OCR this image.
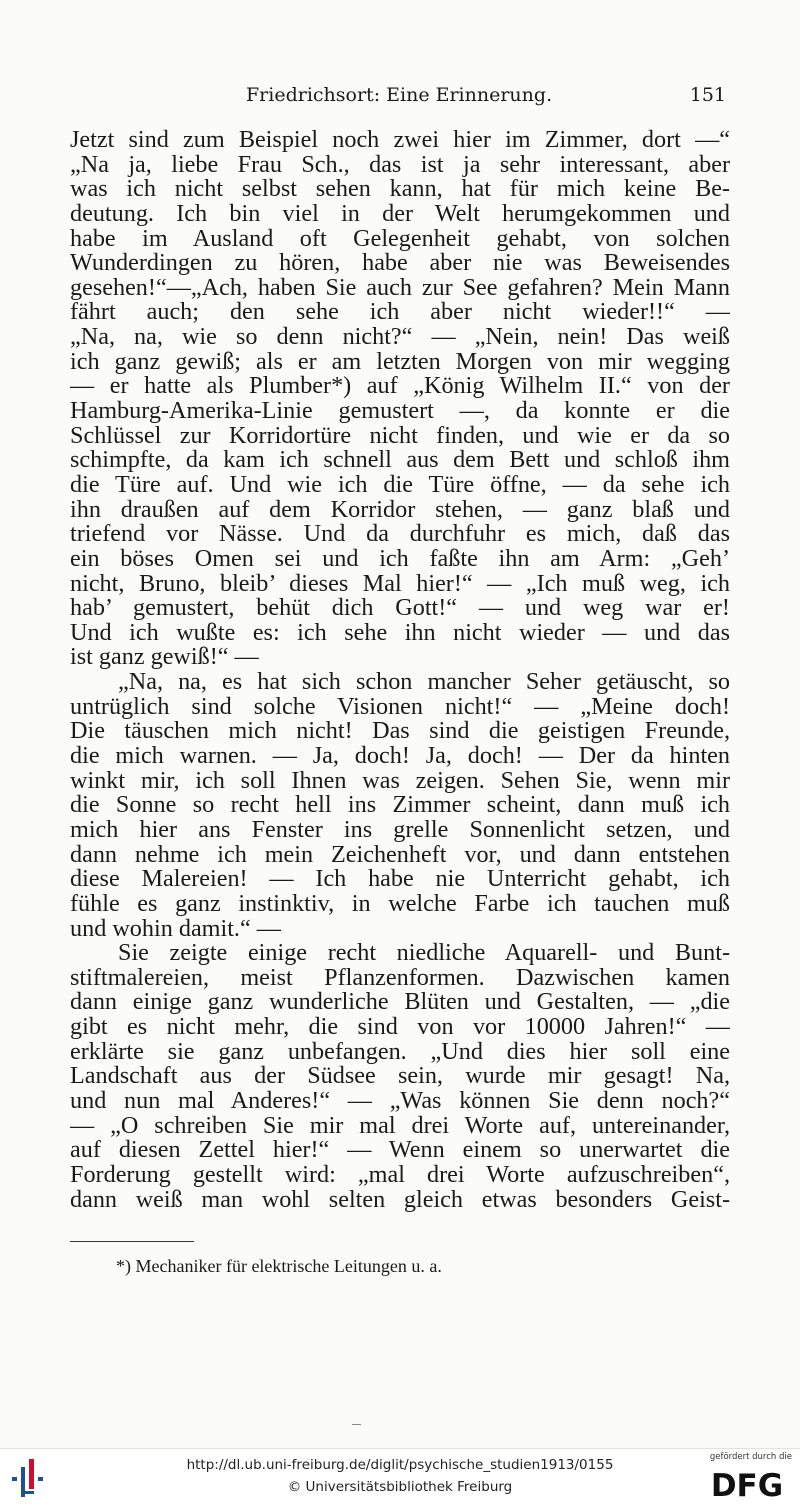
Friedrichsort: Eine Erinnerung.	151
Jetzt sind zum Beispiel noch zwei hier im Zimmer, dort —“
„Na ja, liebe Frau Sch., das ist ja sehr interessant, aber
was ich nicht selbst sehen kann, hat für mich keine Be-
deutung. Ich bin viel in der Welt herumgekommen und
habe im Ausland oft Gelegenheit gehabt, von solchen
Wunderdingen zu hören, habe aber nie was Beweisendes
gesehen!“—„Ach, haben Sie auch zur See gefahren? Mein Mann
fährt auch; den sehe ich aber nicht wieder!!“ —
„Na, na, wie so denn nicht?“ — „Nein, nein! Das weiß
ich ganz gewiß; als er am letzten Morgen von mir wegging
— er hatte als Plumber*) auf „König Wilhelm II.“ von der
Hamburg-Amerika-Linie gemustert —, da konnte er die
Schlüssel zur Korridortüre nicht finden, und wie er da so
schimpfte, da kam ich schnell aus dem Bett und schloß ihm
die Türe auf. Und wie ich die Türe öffne, — da sehe ich
ihn draußen auf dem Korridor stehen, — ganz blaß und
triefend vor Nässe. Und da durchfuhr es mich, daß das
ein böses Omen sei und ich faßte ihn am Arm: „Geh’
nicht, Bruno, bleib’ dieses Mal hier!“ — „Ich muß weg, ich
hab’ gemustert, behüt dich Gott!“ — und weg war er!
Und ich wußte es: ich sehe ihn nicht wieder — und das
ist ganz gewiß!“ —
„Na, na, es hat sich schon mancher Seher getäuscht, so
untrüglich sind solche Visionen nicht!“ — „Meine doch!
Die täuschen mich nicht! Das sind die geistigen Freunde,
die mich warnen. — Ja, doch! Ja, doch! — Der da hinten
winkt mir, ich soll Ihnen was zeigen. Sehen Sie, wenn mir
die Sonne so recht hell ins Zimmer scheint, dann muß ich
mich hier ans Fenster ins grelle Sonnenlicht setzen, und
dann nehme ich mein Zeichenheft vor, und dann entstehen
diese Malereien! — Ich habe nie Unterricht gehabt, ich
fühle es ganz instinktiv, in welche Farbe ich tauchen muß
und wohin damit.“ —
Sie zeigte einige recht niedliche Aquarell- und Bunt-
stiftmalereien, meist Pflanzenformen. Dazwischen kamen
dann einige ganz wunderliche Blüten und Gestalten, — „die
gibt es nicht mehr, die sind von vor 10000 Jahren!“ —
erklärte sie ganz unbefangen. „Und dies hier soll eine
Landschaft aus der Südsee sein, wurde mir gesagt! Na,
und nun mal Anderes!“ — „Was können Sie denn noch?“
— „O schreiben Sie mir mal drei Worte auf, untereinander,
auf diesen Zettel hier!“ — Wenn einem so unerwartet die
Forderung gestellt wird: „mal drei Worte aufzuschreiben“,
dann weiß man wohl selten gleich etwas besonders Geist-
*) Mechaniker für elektrische Leitungen u. a.
http://dl.ub.uni-freiburg.de/diglit/psychische_studien1913/0155
© Universitätsbibliothek Freiburg
gefördert durch die
DFG
